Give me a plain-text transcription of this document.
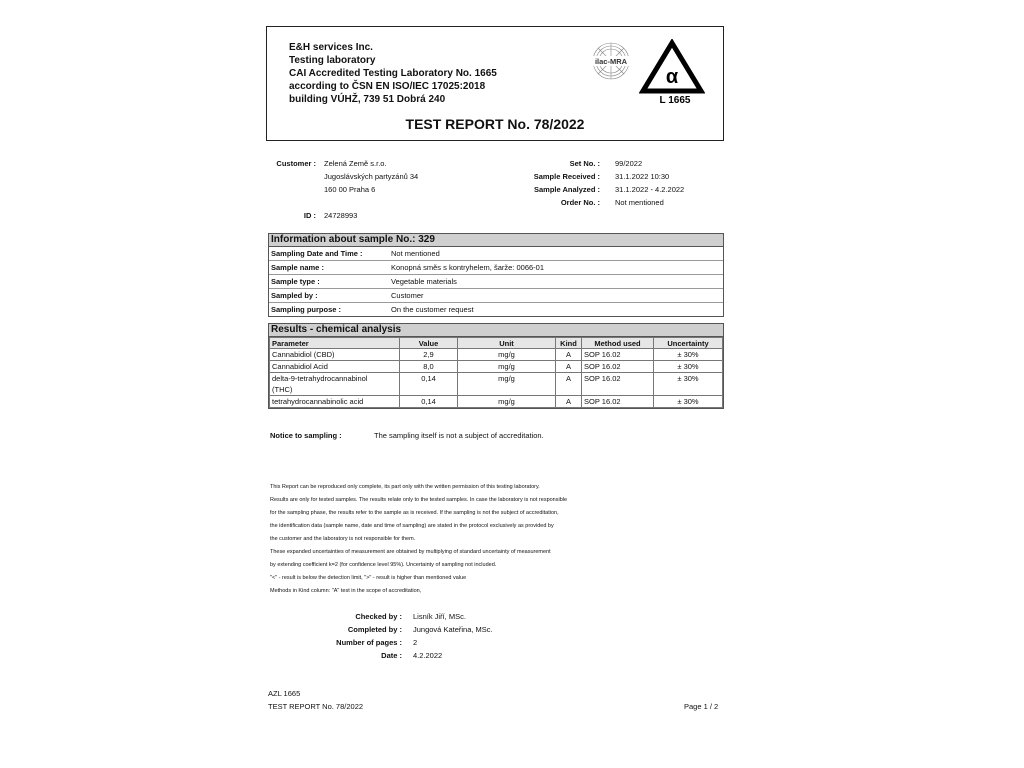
E&H services Inc.
Testing laboratory
CAI Accredited Testing Laboratory No. 1665
according to ČSN EN ISO/IEC 17025:2018
building VÚHŽ, 739 51 Dobrá 240
ilac-MRA
α
L 1665
TEST REPORT No. 78/2022
Customer : Zelená Země s.r.o.
Jugoslávských partyzánů 34
160 00 Praha 6
ID : 24728993
Set No. : 99/2022
Sample Received : 31.1.2022 10:30
Sample Analyzed : 31.1.2022 - 4.2.2022
Order No. : Not mentioned
Information about sample No.: 329
Sampling Date and Time :	Not mentioned
Sample name :	Konopná směs s kontryhelem, šarže: 0066-01
Sample type :	Vegetable materials
Sampled by :	Customer
Sampling purpose :	On the customer request
Results - chemical analysis
Parameter	Value	Unit	Kind	Method used	Uncertainty
Cannabidiol (CBD)	2,9	mg/g	A	SOP 16.02	± 30%
Cannabidiol Acid	8,0	mg/g	A	SOP 16.02	± 30%

delta-9-tetrahydrocannabinol
(THC)	0,14	mg/g	A	SOP 16.02	± 30%
tetrahydrocannabinolic acid	0,14	mg/g	A	SOP 16.02	± 30%
Notice to sampling :	The sampling itself is not a subject of accreditation.
This Report can be reproduced only complete, its part only with the written permission of this testing laboratory.
Results are only for tested samples. The results relate only to the tested samples. In case the laboratory is not responsible
for the sampling phase, the results refer to the sample as is received. If the sampling is not the subject of accreditation,
the identification data (sample name, date and time of sampling) are stated in the protocol exclusively as provided by
the customer and the laboratory is not responsible for them.
These expanded uncertainties of measurement are obtained by multiplying of standard uncertainty of measurement
by extending coefficient k=2 (for confidence level 95%). Uncertainty of sampling not included.
"<" - result is below the detection limit, ">" - result is higher than mentioned value
Methods in Kind column: "A" test in the scope of accreditation,
Checked by : Lisník Jiří, MSc.
Completed by : Jungová Kateřina, MSc.
Number of pages : 2
Date : 4.2.2022
AZL 1665
TEST REPORT No. 78/2022	Page 1 / 2
